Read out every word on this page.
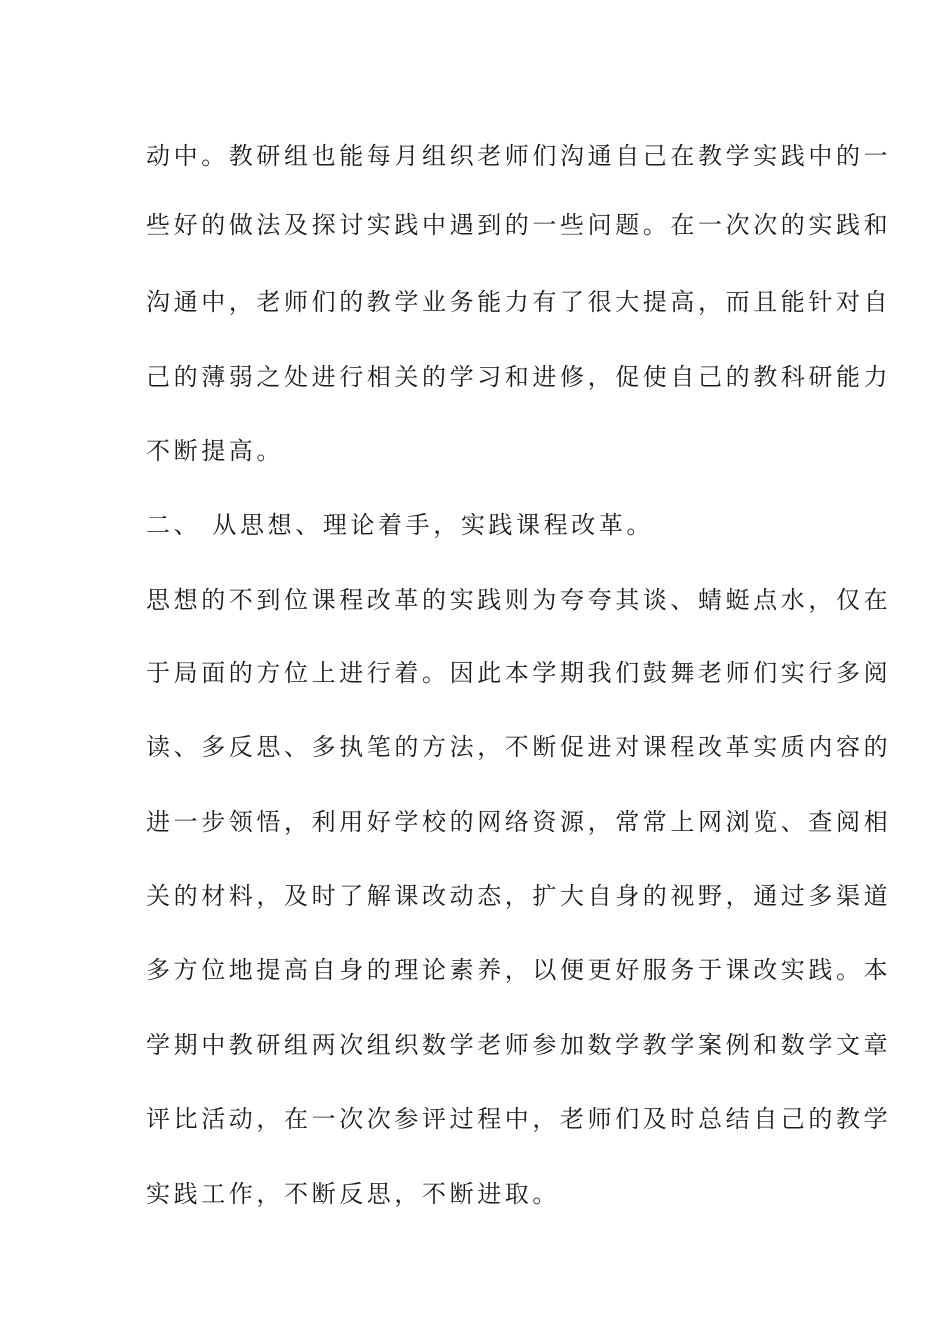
动中。教研组也能每月组织老师们沟通自己在教学实践中的一
些好的做法及探讨实践中遇到的一些问题。在一次次的实践和
沟通中，老师们的教学业务能力有了很大提高，而且能针对自
己的薄弱之处进行相关的学习和进修，促使自己的教科研能力
不断提高。
二、 从思想、理论着手，实践课程改革。
思想的不到位课程改革的实践则为夸夸其谈、蜻蜓点水，仅在
于局面的方位上进行着。因此本学期我们鼓舞老师们实行多阅
读、多反思、多执笔的方法，不断促进对课程改革实质内容的
进一步领悟，利用好学校的网络资源，常常上网浏览、查阅相
关的材料，及时了解课改动态，扩大自身的视野，通过多渠道
多方位地提高自身的理论素养，以便更好服务于课改实践。本
学期中教研组两次组织数学老师参加数学教学案例和数学文章
评比活动，在一次次参评过程中，老师们及时总结自己的教学
实践工作，不断反思，不断进取。
